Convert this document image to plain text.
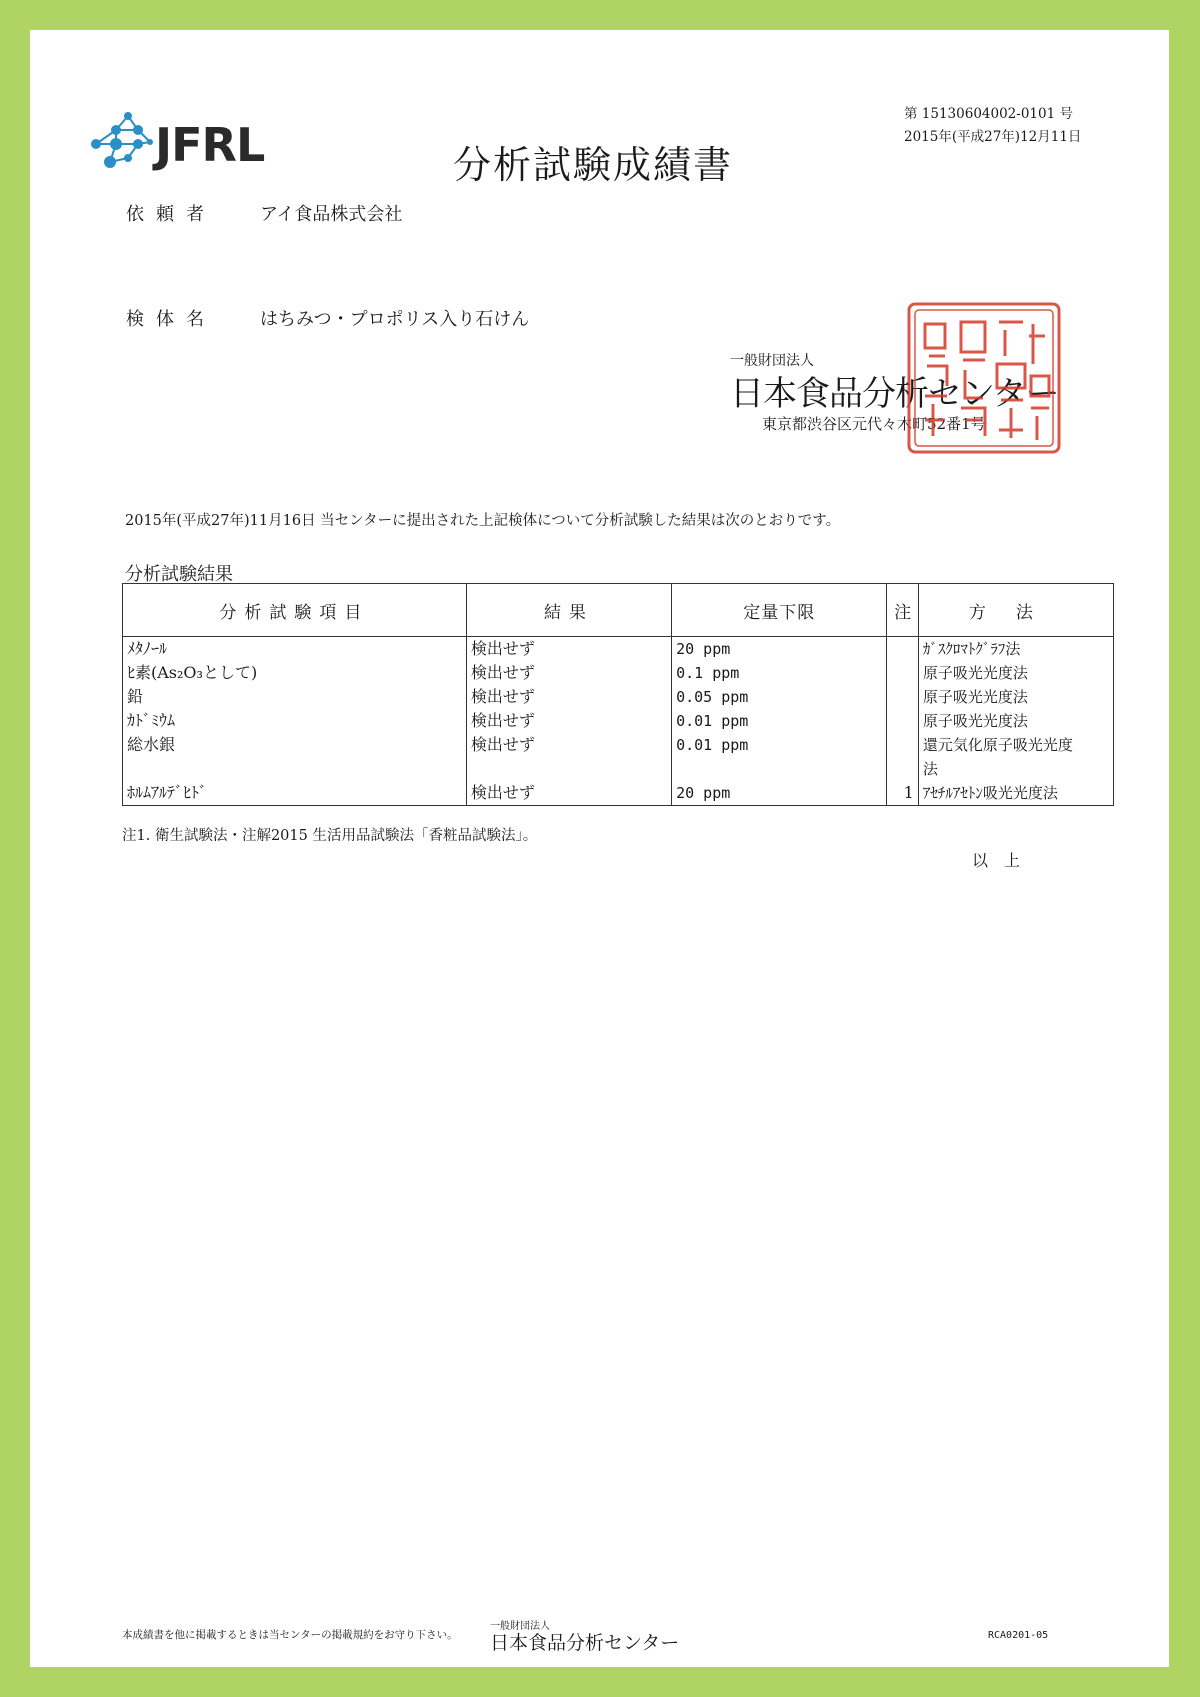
JFRL	分析試験成績書
第 15130604002-0101 号
2015年(平成27年)12月11日
依頼者 アイ食品株式会社
検体名 はちみつ・プロポリス入り石けん
一般財団法人
日本食品分析センター
東京都渋谷区元代々木町52番1号
2015年(平成27年)11月16日 当センターに提出された上記検体について分析試験した結果は次のとおりです。
分析試験結果
分析試験項目	結果	定量下限	注	方法
ﾒﾀﾉｰﾙ	検出せず	20 ppm		ｶﾞｽｸﾛﾏﾄｸﾞﾗﾌ法
ﾋ素(As₂O₃として)	検出せず	0.1 ppm		原子吸光光度法
鉛	検出せず	0.05 ppm		原子吸光光度法
ｶﾄﾞﾐｳﾑ	検出せず	0.01 ppm		原子吸光光度法
総水銀	検出せず	0.01 ppm		還元気化原子吸光光度
				法
ﾎﾙﾑｱﾙﾃﾞﾋﾄﾞ	検出せず	20 ppm	1	ｱｾﾁﾙｱｾﾄﾝ吸光光度法
注1. 衛生試験法・注解2015 生活用品試験法「香粧品試験法」。
以上
本成績書を他に掲載するときは当センターの掲載規約をお守り下さい。
一般財団法人
日本食品分析センター	RCA0201-05
